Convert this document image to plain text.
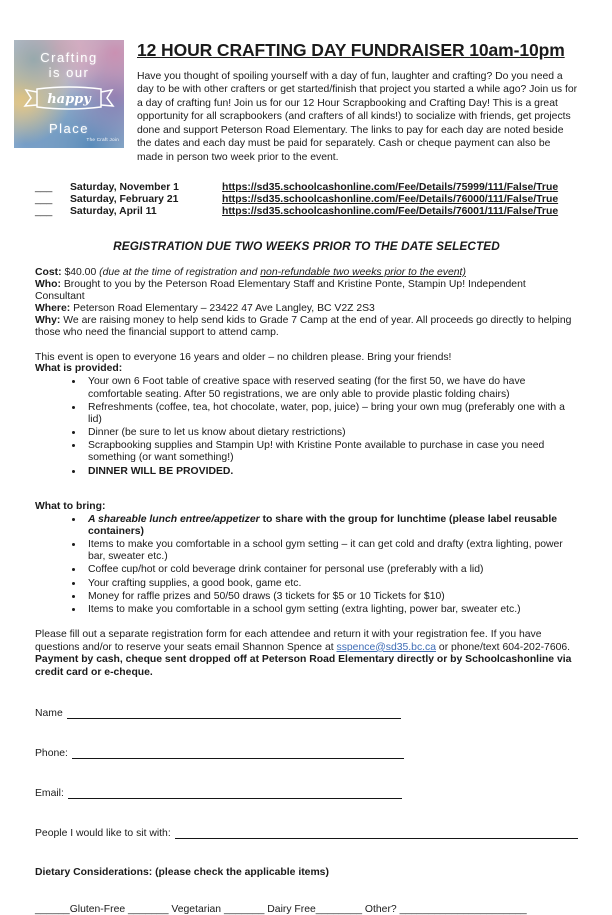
Crafting
is our
happy
Place
The Craft Join
12 HOUR CRAFTING DAY FUNDRAISER 10am-10pm
Have you thought of spoiling yourself with a day of fun, laughter and crafting? Do you need a day to be with other crafters or get started/finish that project you started a while ago? Join us for a day of crafting fun! Join us for our 12 Hour Scrapbooking and Crafting Day! This is a great opportunity for all scrapbookers (and crafters of all kinds!) to socialize with friends, get projects done and support Peterson Road Elementary. The links to pay for each day are noted beside the dates and each day must be paid for separately. Cash or cheque payment can also be made in person two week prior to the event.
___	Saturday, November 1	https://sd35.schoolcashonline.com/Fee/Details/75999/111/False/True
___	Saturday, February 21	https://sd35.schoolcashonline.com/Fee/Details/76000/111/False/True
___	Saturday, April 11	https://sd35.schoolcashonline.com/Fee/Details/76001/111/False/True
REGISTRATION DUE TWO WEEKS PRIOR TO THE DATE SELECTED
Cost: $40.00 (due at the time of registration and non-refundable two weeks prior to the event)
Who: Brought to you by the Peterson Road Elementary Staff and Kristine Ponte, Stampin Up! Independent Consultant
Where: Peterson Road Elementary – 23422 47 Ave Langley, BC V2Z 2S3
Why: We are raising money to help send kids to Grade 7 Camp at the end of year. All proceeds go directly to helping those who need the financial support to attend camp.
This event is open to everyone 16 years and older – no children please. Bring your friends!
What is provided:
• Your own 6 Foot table of creative space with reserved seating (for the first 50, we have do have comfortable seating. After 50 registrations, we are only able to provide plastic folding chairs)
• Refreshments (coffee, tea, hot chocolate, water, pop, juice) – bring your own mug (preferably one with a lid)
• Dinner (be sure to let us know about dietary restrictions)
• Scrapbooking supplies and Stampin Up! with Kristine Ponte available to purchase in case you need something (or want something!)
• DINNER WILL BE PROVIDED.
What to bring:
• A shareable lunch entree/appetizer to share with the group for lunchtime (please label reusable containers)
• Items to make you comfortable in a school gym setting – it can get cold and drafty (extra lighting, power bar, sweater etc.)
• Coffee cup/hot or cold beverage drink container for personal use (preferably with a lid)
• Your crafting supplies, a good book, game etc.
• Money for raffle prizes and 50/50 draws (3 tickets for $5 or 10 Tickets for $10)
• Items to make you comfortable in a school gym setting (extra lighting, power bar, sweater etc.)
Please fill out a separate registration form for each attendee and return it with your registration fee. If you have questions and/or to reserve your seats email Shannon Spence at sspence@sd35.bc.ca or phone/text 604-202-7606. Payment by cash, cheque sent dropped off at Peterson Road Elementary directly or by Schoolcashonline via credit card or e-cheque.
Name
Phone:
Email:
People I would like to sit with:
Dietary Considerations: (please check the applicable items)
______Gluten-Free _______ Vegetarian _______ Dairy Free________ Other? ______________________
